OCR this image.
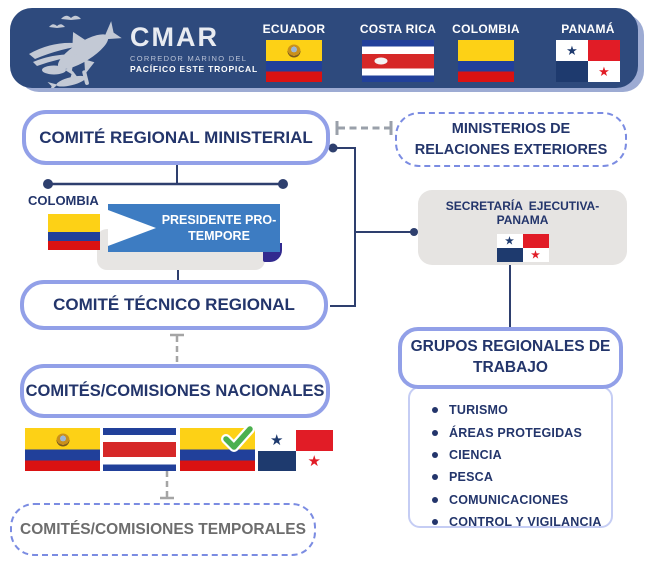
CMAR
CORREDOR MARINO DEL
PACÍFICO ESTE TROPICAL
ECUADOR	COSTA RICA	COLOMBIA	PANAMÁ
★
★
COMITÉ REGIONAL MINISTERIAL	MINISTERIOS DE
RELACIONES EXTERIORES
COLOMBIA
PRESIDENTE PRO-
TEMPORE
SECRETARÍA EJECUTIVA- PANAMA
★
★
COMITÉ TÉCNICO REGIONAL
COMITÉS/COMISIONES NACIONALES
★
★
COMITÉS/COMISIONES TEMPORALES
GRUPOS REGIONALES DE
TRABAJO
TURISMO
ÁREAS PROTEGIDAS
CIENCIA
PESCA
COMUNICACIONES
CONTROL Y VIGILANCIA
